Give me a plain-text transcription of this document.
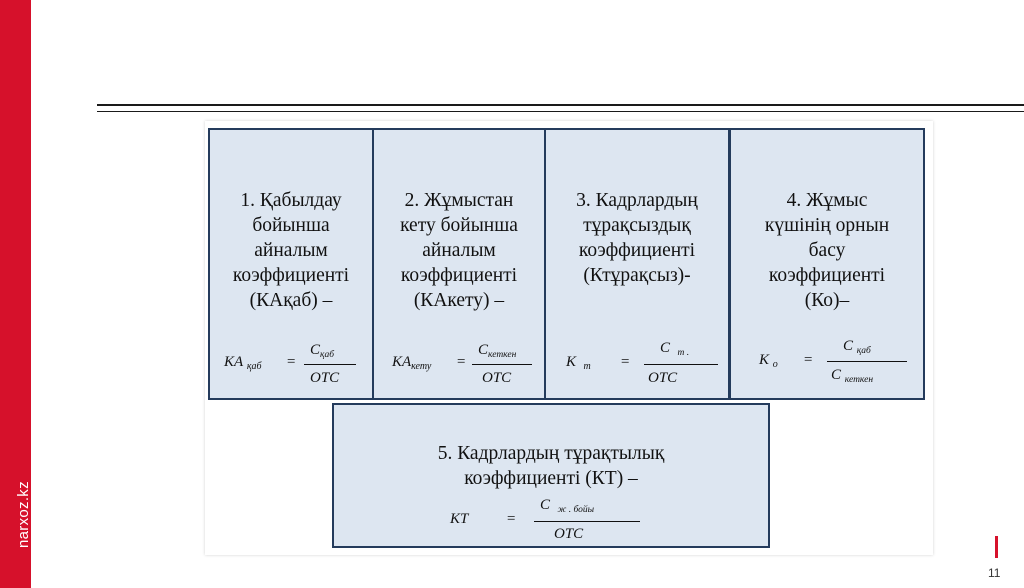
narxoz.kz
1. Қабылдау
бойынша
айналым
коэффициенті
(КАқаб) –
КА $_{қаб}$ =
$С_{қаб}$
ОТС
2. Жұмыстан
кету бойынша
айналым
коэффициенті
(КАкету) –
$КА_{кету}$ =
$С_{кеткен}$
ОТС
3. Кадрлардың
тұрақсыздық
коэффициенті
(Ктұрақсыз)-
К $_т$ =
С $_{т .}$
ОТС
4. Жұмыс
күшінің орнын
басу
коэффициенті
(Ко)–
К $_о$ =
С $_{қаб}$
С $_{кеткен}$
5. Кадрлардың тұрақтылық
коэффициенті (КТ) –
КТ	=
С $_{ж . бойы}$
ОТС
11
